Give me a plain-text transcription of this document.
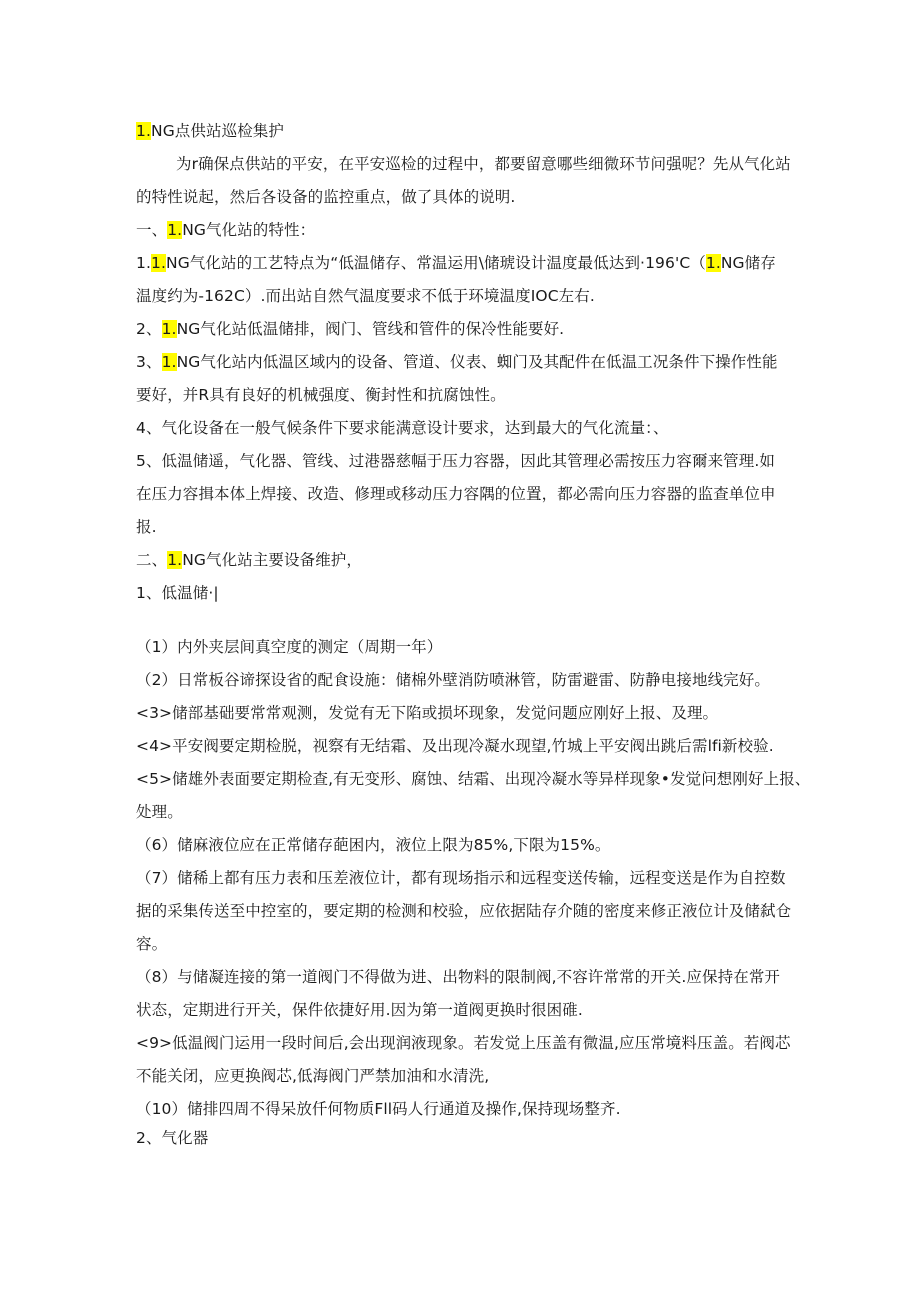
1.NG点供站巡检集护

为r确保点供站的平安，在平安巡检的过程中，都要留意哪些细微环节问强呢？先从气化站

的特性说起，然后各设备的监控重点，做了具体的说明.

一、1.NG气化站的特性：

1.1.NG气化站的工艺特点为“低温储存、常温运用\储琥设计温度最低达到·196'C（1.NG储存

温度约为-162C）.而出站自然气温度要求不低于环境温度IOC左右.

2、1.NG气化站低温储排，阀门、管线和管件的保冷性能要好.

3、1.NG气化站内低温区域内的设备、管道、仪表、蜘门及其配件在低温工况条件下操作性能

要好，并R具有良好的机械强度、衡封性和抗腐蚀性。

4、气化设备在一般气候条件下要求能满意设计要求，达到最大的气化流量：、

5、低温储遥，气化器、管线、过港器慈幅于压力容器，因此其管理必需按压力容爾来管理.如

在压力容揖本体上焊接、改造、修理或移动压力容隅的位置，都必需向压力容器的监查单位申

报.

二、1.NG气化站主要设备维护，

1、低温储·|

（1）内外夹层间真空度的测定（周期一年）

（2）日常板谷谛探设省的配食设施：储棉外壁消防喷淋管，防雷避雷、防静电接地线完好。

<3>储部基础要常常观测，发觉有无下陷或损坏现象，发觉问题应刚好上报、及理。

<4>平安阀要定期检脱，视察有无结霜、及出现冷凝水现望,竹城上平安阀出跳后需lfi新校验.

<5>储雄外表面要定期检查,有无变形、腐蚀、结霜、出现冷凝水等异样现象•发觉问想刚好上报、

处理。

（6）储麻液位应在正常储存葩困内，液位上限为85%,下限为15%。

（7）储稀上都有压力表和压差液位计，都有现场指示和远程变送传输，远程变送是作为自控数

据的采集传送至中控室的，要定期的检测和校验，应依据陆存介随的密度来修正液位计及储弑仓

容。

（8）与储凝连接的第一道阀门不得做为进、出物料的限制阀,不容许常常的开关.应保持在常开

状态，定期进行开关，保件依捷好用.因为第一道阀更换时很困碓.

<9>低温阀门运用一段时间后,会出现润液现象。若发觉上压盖有微温,应压常境料压盖。若阀芯

不能关闭，应更换阀芯,低海阀门严禁加油和水清洗,

（10）储排四周不得呆放仟何物质Fll码人行通道及操作,保持现场整齐.

2、气化器
